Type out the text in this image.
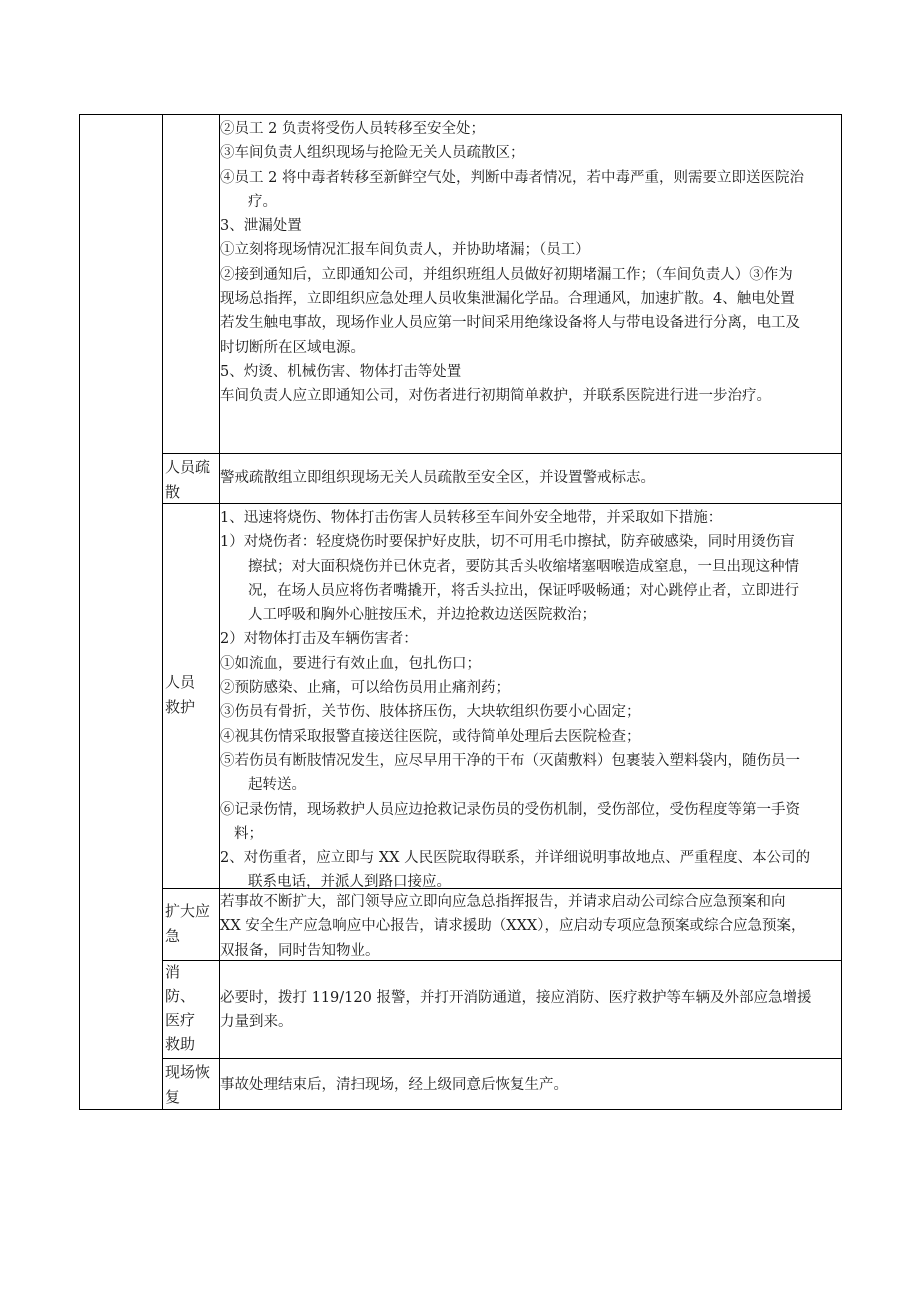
②员工 2 负责将受伤人员转移至安全处；
③车间负责人组织现场与抢险无关人员疏散区；
④员工 2 将中毒者转移至新鲜空气处，判断中毒者情况，若中毒严重，则需要立即送医院治
疗。
3、泄漏处置
①立刻将现场情况汇报车间负责人，并协助堵漏；（员工）
②接到通知后，立即通知公司，并组织班组人员做好初期堵漏工作；（车间负责人）③作为
现场总指挥，立即组织应急处理人员收集泄漏化学品。合理通风，加速扩散。4、触电处置
若发生触电事故，现场作业人员应第一时间采用绝缘设备将人与带电设备进行分离，电工及
时切断所在区域电源。
5、灼烫、机械伤害、物体打击等处置
车间负责人应立即通知公司，对伤者进行初期简单救护，并联系医院进行进一步治疗。
人员疏
散
警戒疏散组立即组织现场无关人员疏散至安全区，并设置警戒标志。
人员
救护
1、迅速将烧伤、物体打击伤害人员转移至车间外安全地带，并采取如下措施：
1）对烧伤者：轻度烧伤时要保护好皮肤，切不可用毛巾擦拭，防弃破感染，同时用烫伤盲
擦拭；对大面积烧伤并已休克者，要防其舌头收缩堵塞咽喉造成窒息，一旦出现这种情
况，在场人员应将伤者嘴撬开，将舌头拉出，保证呼吸畅通；对心跳停止者，立即进行
人工呼吸和胸外心脏按压术，并边抢救边送医院救治；
2）对物体打击及车辆伤害者：
①如流血，要进行有效止血，包扎伤口；
②预防感染、止痛，可以给伤员用止痛剂药；
③伤员有骨折，关节伤、肢体挤压伤，大块软组织伤要小心固定；
④视其伤情采取报警直接送往医院，或待简单处理后去医院检查；
⑤若伤员有断肢情况发生，应尽早用干净的干布（灭菌敷料）包裹装入塑料袋内，随伤员一
起转送。
⑥记录伤情，现场救护人员应边抢救记录伤员的受伤机制，受伤部位，受伤程度等第一手资
料；
2、对伤重者，应立即与 XX 人民医院取得联系，并详细说明事故地点、严重程度、本公司的
联系电话，并派人到路口接应。
扩大应
急
若事故不断扩大，部门领导应立即向应急总指挥报告，并请求启动公司综合应急预案和向
XX 安全生产应急响应中心报告，请求援助（XXX），应启动专项应急预案或综合应急预案，
双报备，同时告知物业。
消
防、
医疗
救助
必要时，拨打 119/120 报警，并打开消防通道，接应消防、医疗救护等车辆及外部应急增援
力量到来。
现场恢
复
事故处理结束后，清扫现场，经上级同意后恢复生产。
